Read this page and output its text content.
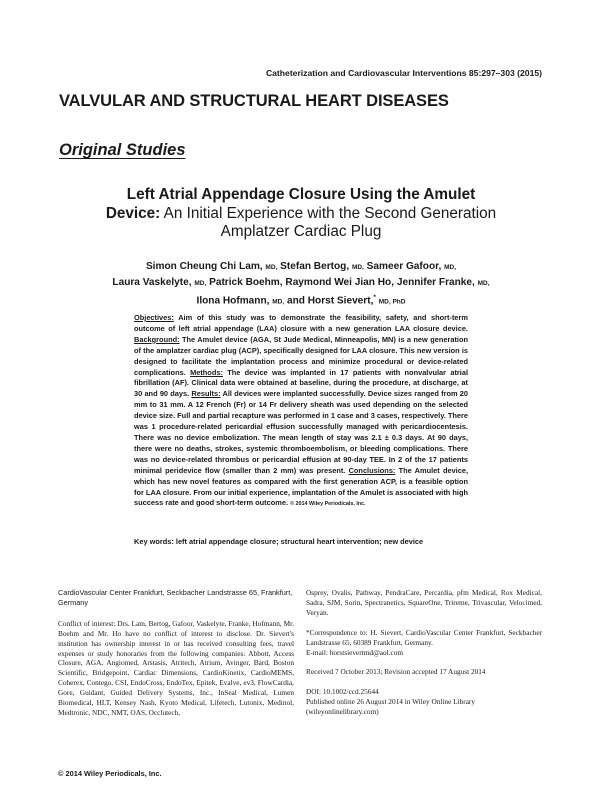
Catheterization and Cardiovascular Interventions 85:297–303 (2015)
VALVULAR AND STRUCTURAL HEART DISEASES
Original Studies
Left Atrial Appendage Closure Using the Amulet
Device: An Initial Experience with the Second Generation
Amplatzer Cardiac Plug
Simon Cheung Chi Lam, MD, Stefan Bertog, MD, Sameer Gafoor, MD,
Laura Vaskelyte, MD, Patrick Boehm, Raymond Wei Jian Ho, Jennifer Franke, MD,
Ilona Hofmann, MD, and Horst Sievert,* MD, PhD
Objectives: Aim of this study was to demonstrate the feasibility, safety, and short-term outcome of left atrial appendage (LAA) closure with a new generation LAA closure device. Background: The Amulet device (AGA, St Jude Medical, Minneapolis, MN) is a new generation of the amplatzer cardiac plug (ACP), specifically designed for LAA closure. This new version is designed to facilitate the implantation process and minimize procedural or device-related complications. Methods: The device was implanted in 17 patients with nonvalvular atrial fibrillation (AF). Clinical data were obtained at baseline, during the procedure, at discharge, at 30 and 90 days. Results: All devices were implanted successfully. Device sizes ranged from 20 mm to 31 mm. A 12 French (Fr) or 14 Fr delivery sheath was used depending on the selected device size. Full and partial recapture was performed in 1 case and 3 cases, respectively. There was 1 procedure-related pericardial effusion successfully managed with pericardiocentesis. There was no device embolization. The mean length of stay was 2.1 ± 0.3 days. At 90 days, there were no deaths, strokes, systemic thromboembolism, or bleeding complications. There was no device-related thrombus or pericardial effusion at 90-day TEE. In 2 of the 17 patients minimal peridevice flow (smaller than 2 mm) was present. Conclusions: The Amulet device, which has new novel features as compared with the first generation ACP, is a feasible option for LAA closure. From our initial experience, implantation of the Amulet is associated with high success rate and good short-term outcome. © 2014 Wiley Periodicals, Inc.
Key words: left atrial appendage closure; structural heart intervention; new device
CardioVascular Center Frankfurt, Seckbacher Landstrasse 65, Frankfurt, Germany
Conflict of interest: Drs. Lam, Bertog, Gafoor, Vaskelyte, Franke, Hofmann, Mr. Boehm and Mr. Ho have no conflict of interest to disclose. Dr. Sievert's institution has ownership interest in or has received consulting fees, travel expenses or study honoraries from the following companies: Abbott, Access Closure, AGA, Angiomed, Arstasis, Atritech, Atrium, Avinger, Bard, Boston Scientific, Bridgepoint, Cardiac Dimensions, CardioKinetix, CardioMEMS, Coherex, Contego, CSI, EndoCross, EndoTex, Epitek, Evalve, ev3, FlowCardia, Gore, Guidant, Guided Delivery Systems, Inc., InSeal Medical, Lumen Biomedical, HLT, Kensey Nash, Kyoto Medical, Lifetech, Lutonix, Medinol, Medtronic, NDC, NMT, OAS, Occlutech,
Osprey, Ovalis, Pathway, PendraCare, Percardia, pfm Medical, Rox Medical, Sadra, SJM, Sorin, Spectranetics, SquareOne, Trireme, Trivascular, Velocimed, Veryan.
*Correspondence to: H. Sievert, CardioVascular Center Frankfurt, Seckbacher Landstrasse 65, 60389 Frankfurt, Germany.
E-mail: horstsievertmd@aol.com
Received 7 October 2013; Revision accepted 17 August 2014
DOI: 10.1002/ccd.25644
Published online 26 August 2014 in Wiley Online Library (wileyonlinelibrary.com)
© 2014 Wiley Periodicals, Inc.
